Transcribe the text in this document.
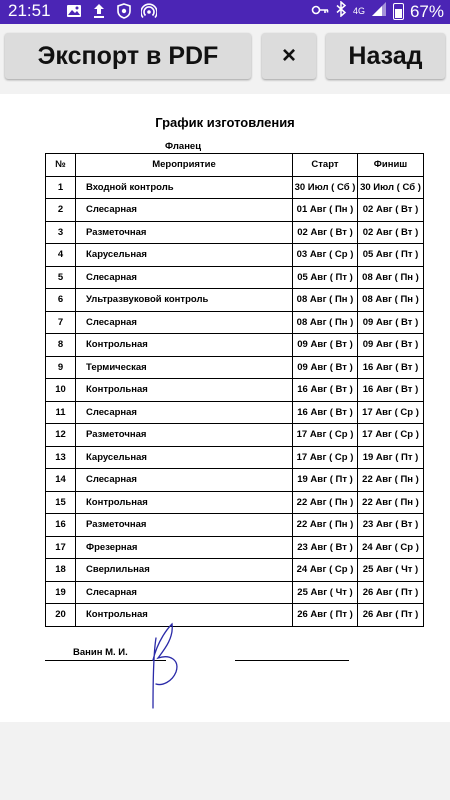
21:51	4G	67%
Экспорт в PDF	×	Назад
График изготовления
Фланец
№	Мероприятие	Старт	Финиш
1	Входной контроль	30 Июл ( Сб )	30 Июл ( Сб )
2	Слесарная	01 Авг ( Пн )	02 Авг ( Вт )
3	Разметочная	02 Авг ( Вт )	02 Авг ( Вт )
4	Карусельная	03 Авг ( Ср )	05 Авг ( Пт )
5	Слесарная	05 Авг ( Пт )	08 Авг ( Пн )
6	Ультразвуковой контроль	08 Авг ( Пн )	08 Авг ( Пн )
7	Слесарная	08 Авг ( Пн )	09 Авг ( Вт )
8	Контрольная	09 Авг ( Вт )	09 Авг ( Вт )
9	Термическая	09 Авг ( Вт )	16 Авг ( Вт )
10	Контрольная	16 Авг ( Вт )	16 Авг ( Вт )
11	Слесарная	16 Авг ( Вт )	17 Авг ( Ср )
12	Разметочная	17 Авг ( Ср )	17 Авг ( Ср )
13	Карусельная	17 Авг ( Ср )	19 Авг ( Пт )
14	Слесарная	19 Авг ( Пт )	22 Авг ( Пн )
15	Контрольная	22 Авг ( Пн )	22 Авг ( Пн )
16	Разметочная	22 Авг ( Пн )	23 Авг ( Вт )
17	Фрезерная	23 Авг ( Вт )	24 Авг ( Ср )
18	Сверлильная	24 Авг ( Ср )	25 Авг ( Чт )
19	Слесарная	25 Авг ( Чт )	26 Авг ( Пт )
20	Контрольная	26 Авг ( Пт )	26 Авг ( Пт )
Ванин М. И.
